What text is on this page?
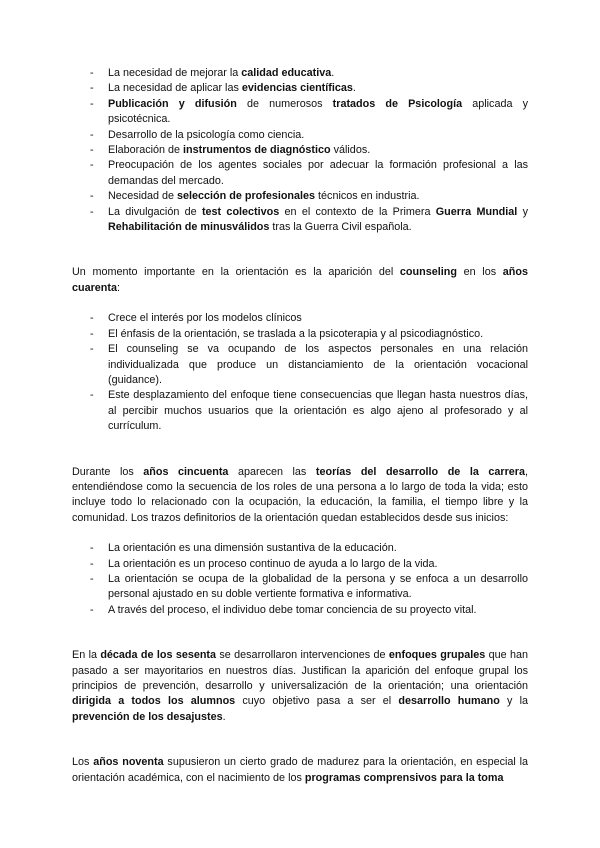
- La necesidad de mejorar la calidad educativa.
- La necesidad de aplicar las evidencias científicas.
- Publicación y difusión de numerosos tratados de Psicología aplicada y psicotécnica.
- Desarrollo de la psicología como ciencia.
- Elaboración de instrumentos de diagnóstico válidos.
- Preocupación de los agentes sociales por adecuar la formación profesional a las demandas del mercado.
- Necesidad de selección de profesionales técnicos en industria.
- La divulgación de test colectivos en el contexto de la Primera Guerra Mundial y Rehabilitación de minusválidos tras la Guerra Civil española.

Un momento importante en la orientación es la aparición del counseling en los años cuarenta:

- Crece el interés por los modelos clínicos
- El énfasis de la orientación, se traslada a la psicoterapia y al psicodiagnóstico.
- El counseling se va ocupando de los aspectos personales en una relación individualizada que produce un distanciamiento de la orientación vocacional (guidance).
- Este desplazamiento del enfoque tiene consecuencias que llegan hasta nuestros días, al percibir muchos usuarios que la orientación es algo ajeno al profesorado y al currículum.

Durante los años cincuenta aparecen las teorías del desarrollo de la carrera, entendiéndose como la secuencia de los roles de una persona a lo largo de toda la vida; esto incluye todo lo relacionado con la ocupación, la educación, la familia, el tiempo libre y la comunidad. Los trazos definitorios de la orientación quedan establecidos desde sus inicios:

- La orientación es una dimensión sustantiva de la educación.
- La orientación es un proceso continuo de ayuda a lo largo de la vida.
- La orientación se ocupa de la globalidad de la persona y se enfoca a un desarrollo personal ajustado en su doble vertiente formativa e informativa.
- A través del proceso, el individuo debe tomar conciencia de su proyecto vital.

En la década de los sesenta se desarrollaron intervenciones de enfoques grupales que han pasado a ser mayoritarios en nuestros días. Justifican la aparición del enfoque grupal los principios de prevención, desarrollo y universalización de la orientación; una orientación dirigida a todos los alumnos cuyo objetivo pasa a ser el desarrollo humano y la prevención de los desajustes.

Los años noventa supusieron un cierto grado de madurez para la orientación, en especial la orientación académica, con el nacimiento de los programas comprensivos para la toma
